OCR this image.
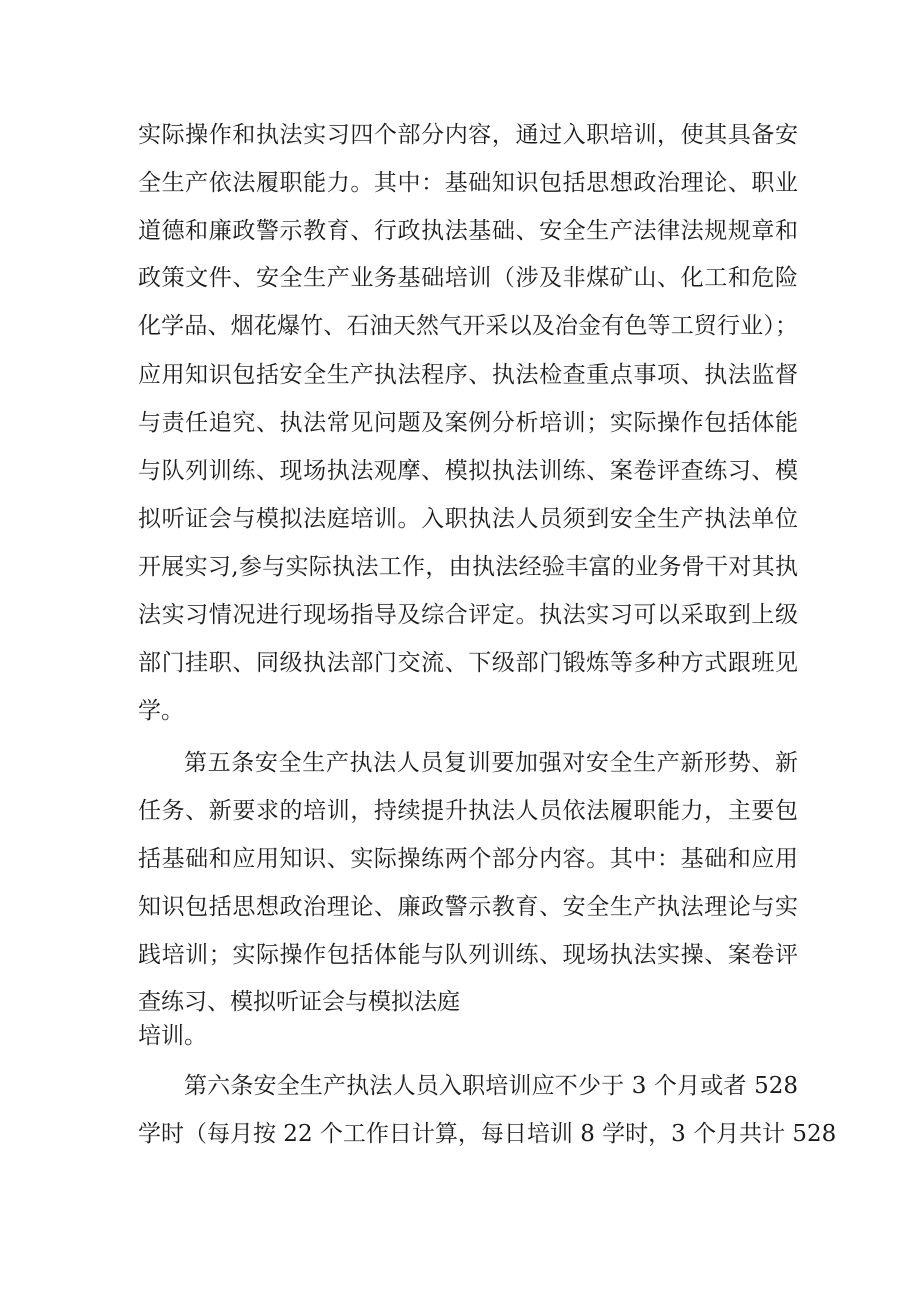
实际操作和执法实习四个部分内容，通过入职培训，使其具备安
全生产依法履职能力。其中：基础知识包括思想政治理论、职业
道德和廉政警示教育、行政执法基础、安全生产法律法规规章和
政策文件、安全生产业务基础培训（涉及非煤矿山、化工和危险
化学品、烟花爆竹、石油天然气开采以及冶金有色等工贸行业）；
应用知识包括安全生产执法程序、执法检查重点事项、执法监督
与责任追究、执法常见问题及案例分析培训；实际操作包括体能
与队列训练、现场执法观摩、模拟执法训练、案卷评查练习、模
拟听证会与模拟法庭培训。入职执法人员须到安全生产执法单位
开展实习,参与实际执法工作，由执法经验丰富的业务骨干对其执
法实习情况进行现场指导及综合评定。执法实习可以采取到上级
部门挂职、同级执法部门交流、下级部门锻炼等多种方式跟班见
学。
第五条安全生产执法人员复训要加强对安全生产新形势、新
任务、新要求的培训，持续提升执法人员依法履职能力，主要包
括基础和应用知识、实际操练两个部分内容。其中：基础和应用
知识包括思想政治理论、廉政警示教育、安全生产执法理论与实
践培训；实际操作包括体能与队列训练、现场执法实操、案卷评
查练习、模拟听证会与模拟法庭
培训。
第六条安全生产执法人员入职培训应不少于 3 个月或者 528
学时（每月按 22 个工作日计算，每日培训 8 学时，3 个月共计 528
